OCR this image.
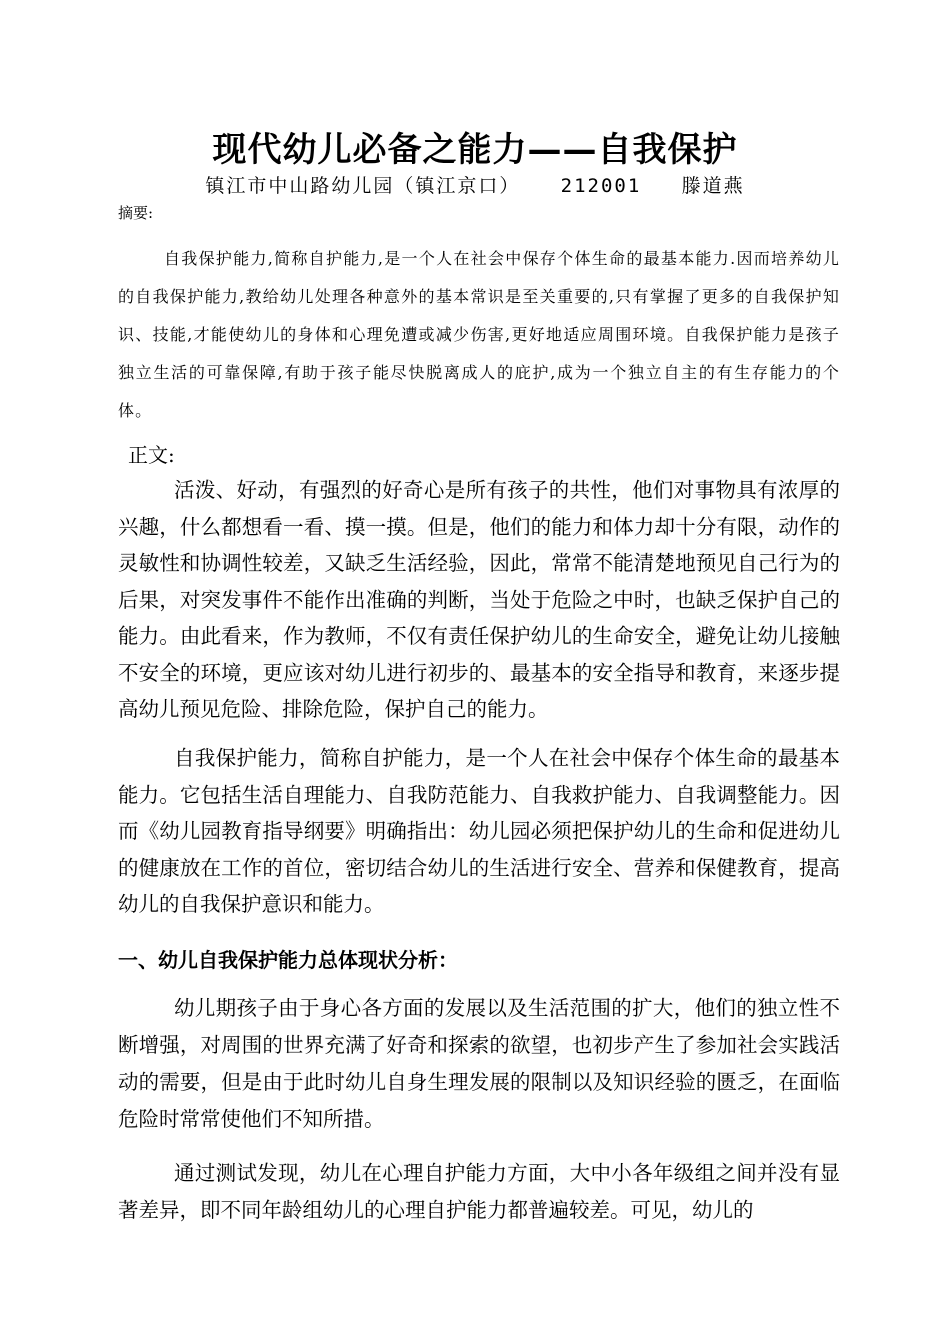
现代幼儿必备之能力——自我保护
镇江市中山路幼儿园（镇江京口）   212001   滕道燕
摘要:

自我保护能力,简称自护能力,是一个人在社会中保存个体生命的最基本能力.因而培养幼儿的自我保护能力,教给幼儿处理各种意外的基本常识是至关重要的,只有掌握了更多的自我保护知识、技能,才能使幼儿的身体和心理免遭或减少伤害,更好地适应周围环境。自我保护能力是孩子独立生活的可靠保障,有助于孩子能尽快脱离成人的庇护,成为一个独立自主的有生存能力的个体。

正文:

活泼、好动，有强烈的好奇心是所有孩子的共性，他们对事物具有浓厚的兴趣，什么都想看一看、摸一摸。但是，他们的能力和体力却十分有限，动作的灵敏性和协调性较差，又缺乏生活经验，因此，常常不能清楚地预见自己行为的后果，对突发事件不能作出准确的判断，当处于危险之中时，也缺乏保护自己的能力。由此看来，作为教师，不仅有责任保护幼儿的生命安全，避免让幼儿接触不安全的环境，更应该对幼儿进行初步的、最基本的安全指导和教育，来逐步提高幼儿预见危险、排除危险，保护自己的能力。

自我保护能力，简称自护能力，是一个人在社会中保存个体生命的最基本能力。它包括生活自理能力、自我防范能力、自我救护能力、自我调整能力。因而《幼儿园教育指导纲要》明确指出：幼儿园必须把保护幼儿的生命和促进幼儿的健康放在工作的首位，密切结合幼儿的生活进行安全、营养和保健教育，提高幼儿的自我保护意识和能力。

一、幼儿自我保护能力总体现状分析：

幼儿期孩子由于身心各方面的发展以及生活范围的扩大，他们的独立性不断增强，对周围的世界充满了好奇和探索的欲望，也初步产生了参加社会实践活动的需要，但是由于此时幼儿自身生理发展的限制以及知识经验的匮乏，在面临危险时常常使他们不知所措。

通过测试发现，幼儿在心理自护能力方面，大中小各年级组之间并没有显著差异，即不同年龄组幼儿的心理自护能力都普遍较差。可见，幼儿的
